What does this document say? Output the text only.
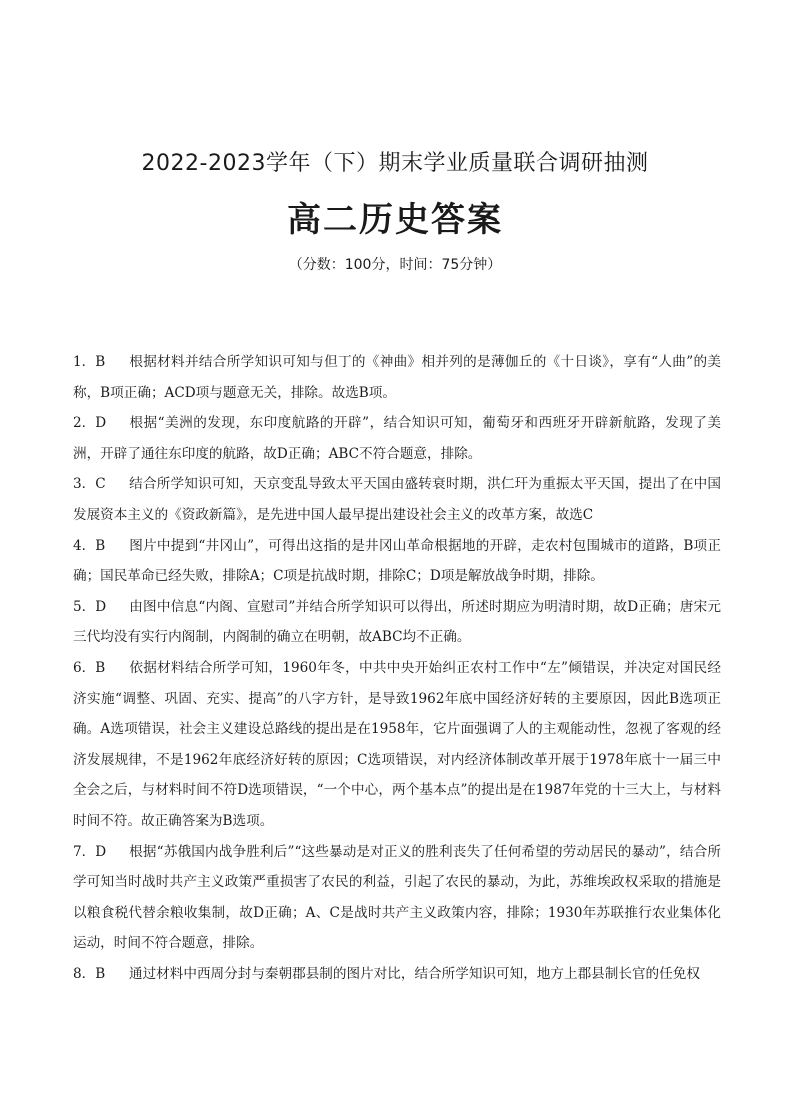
2022-2023学年（下）期末学业质量联合调研抽测
高二历史答案
（分数：100分，时间：75分钟）

1．B 根据材料并结合所学知识可知与但丁的《神曲》相并列的是薄伽丘的《十日谈》，享有“人曲”的美称，B项正确；ACD项与题意无关，排除。故选B项。

2．D 根据“美洲的发现，东印度航路的开辟”，结合知识可知，葡萄牙和西班牙开辟新航路，发现了美洲，开辟了通往东印度的航路，故D正确；ABC不符合题意，排除。

3．C 结合所学知识可知，天京变乱导致太平天国由盛转衰时期，洪仁玕为重振太平天国，提出了在中国发展资本主义的《资政新篇》，是先进中国人最早提出建设社会主义的改革方案，故选C

4．B 图片中提到“井冈山”，可得出这指的是井冈山革命根据地的开辟，走农村包围城市的道路，B项正确；国民革命已经失败，排除A；C项是抗战时期，排除C；D项是解放战争时期，排除。

5．D 由图中信息“内阁、宣慰司”并结合所学知识可以得出，所述时期应为明清时期，故D正确；唐宋元三代均没有实行内阁制，内阁制的确立在明朝，故ABC均不正确。

6．B 依据材料结合所学可知，1960年冬，中共中央开始纠正农村工作中“左”倾错误，并决定对国民经济实施“调整、巩固、充实、提高”的八字方针，是导致1962年底中国经济好转的主要原因，因此B选项正确。A选项错误，社会主义建设总路线的提出是在1958年，它片面强调了人的主观能动性，忽视了客观的经济发展规律，不是1962年底经济好转的原因；C选项错误，对内经济体制改革开展于1978年底十一届三中全会之后，与材料时间不符D选项错误，“一个中心，两个基本点”的提出是在1987年党的十三大上，与材料时间不符。故正确答案为B选项。

7．D 根据“苏俄国内战争胜利后”“这些暴动是对正义的胜利丧失了任何希望的劳动居民的暴动”，结合所学可知当时战时共产主义政策严重损害了农民的利益，引起了农民的暴动，为此，苏维埃政权采取的措施是以粮食税代替余粮收集制，故D正确；A、C是战时共产主义政策内容，排除；1930年苏联推行农业集体化运动，时间不符合题意，排除。

8．B 通过材料中西周分封与秦朝郡县制的图片对比，结合所学知识可知，地方上郡县制长官的任免权
